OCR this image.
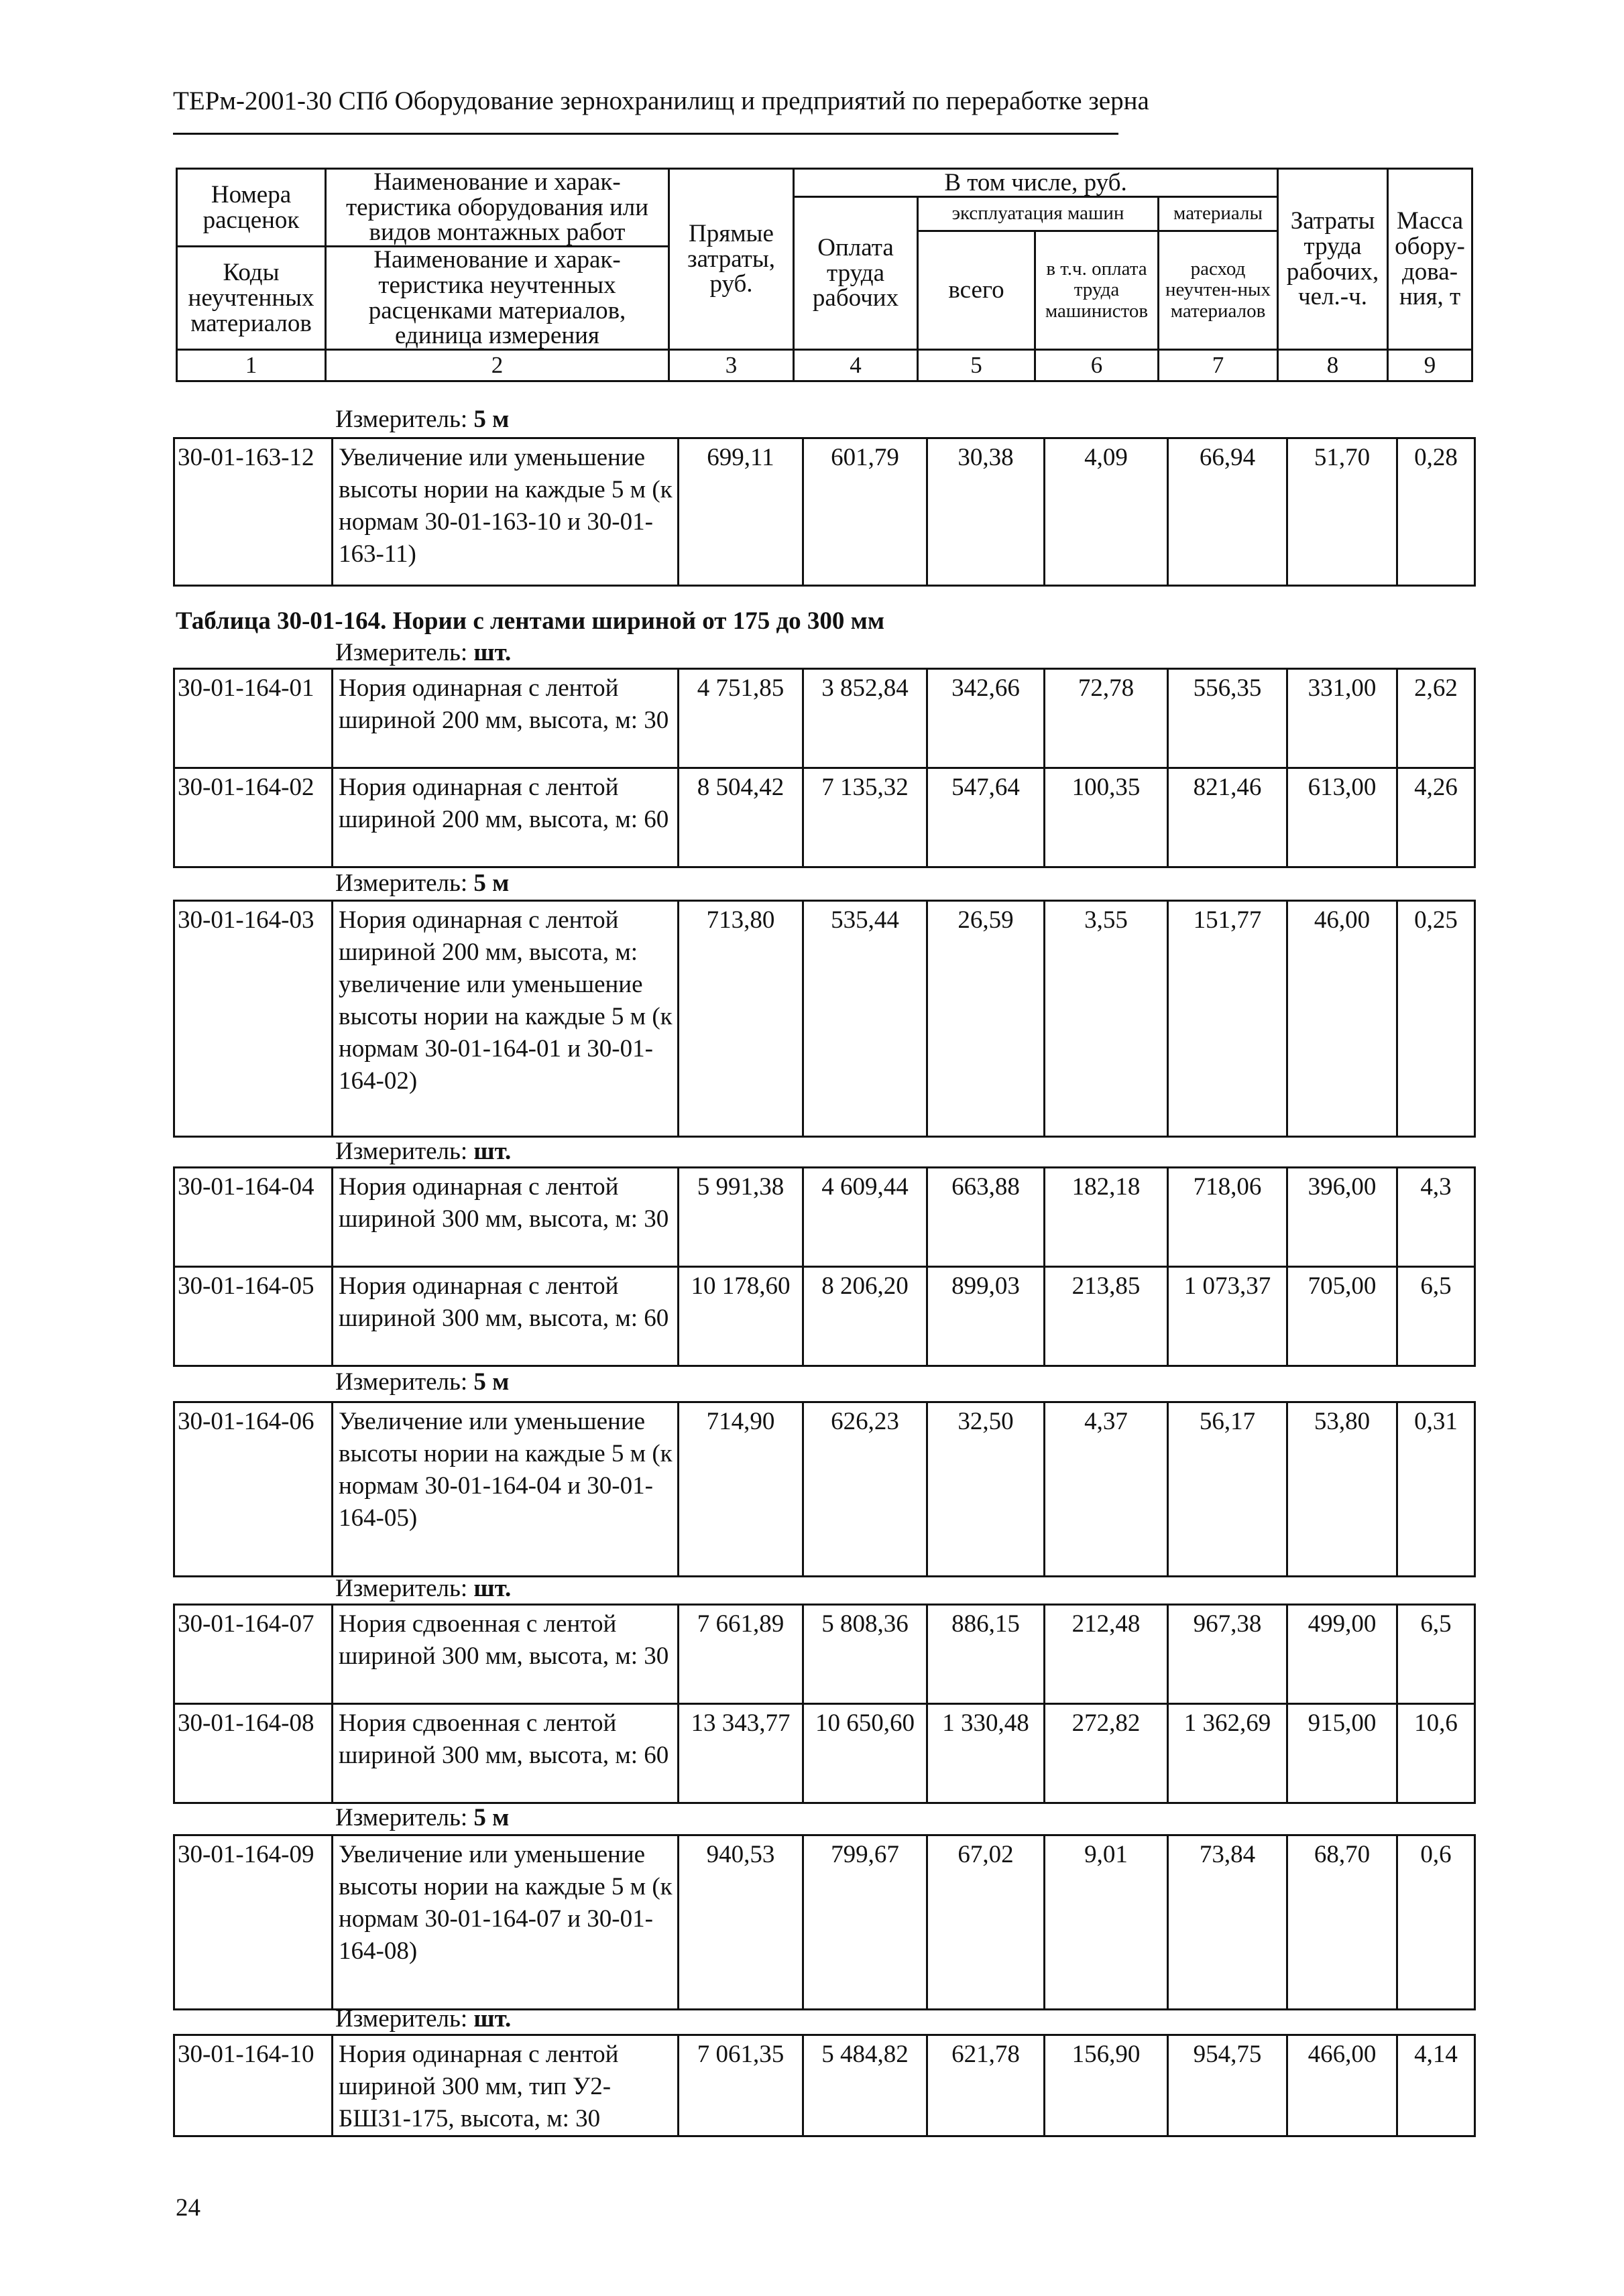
ТЕРм-2001-30 СПб Оборудование зернохранилищ и предприятий по переработке зерна
Номера расценок	Наименование и харак-теристика оборудования или видов монтажных работ	Прямые затраты, руб.	В том числе, руб.				Затраты труда рабочих, чел.-ч.	Масса обору-дова-ния, т
			Оплата труда рабочих	эксплуатация машин		материалы		
				всего	в т.ч. оплата труда машинистов	расход неучтен-ных материалов		
Коды неучтенных материалов	Наименование и харак-теристика неучтенных расценками материалов, единица измерения							

1	2	3	4	5	6	7	8	9
Измеритель: 5 м
30-01-163-12	Увеличение или уменьшение высоты нории на каждые 5 м (к нормам 30-01-163-10 и 30-01-163-11)	699,11	601,79	30,38	4,09	66,94	51,70	0,28
Таблица 30-01-164. Нории с лентами шириной от 175 до 300 мм
Измеритель: шт.
30-01-164-01	Нория одинарная с лентой шириной 200 мм, высота, м: 30	4 751,85	3 852,84	342,66	72,78	556,35	331,00	2,62
30-01-164-02	Нория одинарная с лентой шириной 200 мм, высота, м: 60	8 504,42	7 135,32	547,64	100,35	821,46	613,00	4,26
Измеритель: 5 м
30-01-164-03	Нория одинарная с лентой шириной 200 мм, высота, м: увеличение или уменьшение высоты нории на каждые 5 м (к нормам 30-01-164-01 и 30-01-164-02)	713,80	535,44	26,59	3,55	151,77	46,00	0,25
Измеритель: шт.
30-01-164-04	Нория одинарная с лентой шириной 300 мм, высота, м: 30	5 991,38	4 609,44	663,88	182,18	718,06	396,00	4,3
30-01-164-05	Нория одинарная с лентой шириной 300 мм, высота, м: 60	10 178,60	8 206,20	899,03	213,85	1 073,37	705,00	6,5
Измеритель: 5 м
30-01-164-06	Увеличение или уменьшение высоты нории на каждые 5 м (к нормам 30-01-164-04 и 30-01-164-05)	714,90	626,23	32,50	4,37	56,17	53,80	0,31
Измеритель: шт.
30-01-164-07	Нория сдвоенная с лентой шириной 300 мм, высота, м: 30	7 661,89	5 808,36	886,15	212,48	967,38	499,00	6,5
30-01-164-08	Нория сдвоенная с лентой шириной 300 мм, высота, м: 60	13 343,77	10 650,60	1 330,48	272,82	1 362,69	915,00	10,6
Измеритель: 5 м
30-01-164-09	Увеличение или уменьшение высоты нории на каждые 5 м (к нормам 30-01-164-07 и 30-01-164-08)	940,53	799,67	67,02	9,01	73,84	68,70	0,6
Измеритель: шт.
30-01-164-10	Нория одинарная с лентой шириной 300 мм, тип У2-БШ31-175, высота, м: 30	7 061,35	5 484,82	621,78	156,90	954,75	466,00	4,14
24
